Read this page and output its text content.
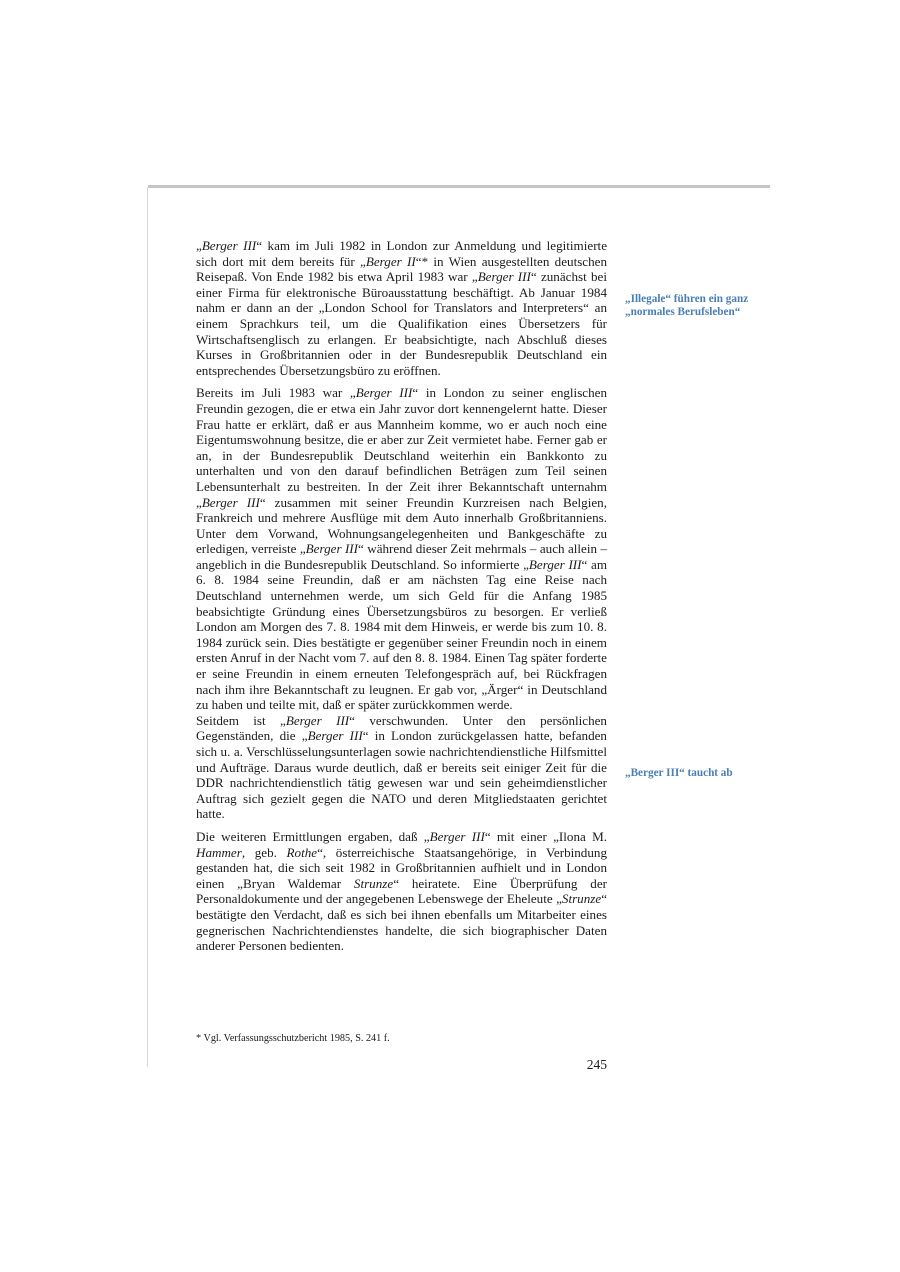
„Berger III“ kam im Juli 1982 in London zur Anmeldung und legitimierte sich dort mit dem bereits für „Berger II“* in Wien ausgestellten deutschen Reisepaß. Von Ende 1982 bis etwa April 1983 war „Berger III“ zunächst bei einer Firma für elektronische Büroausstattung beschäftigt. Ab Januar 1984 nahm er dann an der „London School for Translators and Interpreters“ an einem Sprachkurs teil, um die Qualifikation eines Übersetzers für Wirtschaftsenglisch zu erlangen. Er beabsichtigte, nach Abschluß dieses Kurses in Großbritannien oder in der Bundesrepublik Deutschland ein entsprechendes Übersetzungsbüro zu eröffnen.

Bereits im Juli 1983 war „Berger III“ in London zu seiner englischen Freundin gezogen, die er etwa ein Jahr zuvor dort kennengelernt hatte. Dieser Frau hatte er erklärt, daß er aus Mannheim komme, wo er auch noch eine Eigentumswohnung besitze, die er aber zur Zeit vermietet habe. Ferner gab er an, in der Bundesrepublik Deutschland weiterhin ein Bankkonto zu unterhalten und von den darauf befindlichen Beträgen zum Teil seinen Lebensunterhalt zu bestreiten. In der Zeit ihrer Bekanntschaft unternahm „Berger III“ zusammen mit seiner Freundin Kurzreisen nach Belgien, Frankreich und mehrere Ausflüge mit dem Auto innerhalb Großbritanniens. Unter dem Vorwand, Wohnungsangelegenheiten und Bankgeschäfte zu erledigen, verreiste „Berger III“ während dieser Zeit mehrmals – auch allein – angeblich in die Bundesrepublik Deutschland. So informierte „Berger III“ am 6. 8. 1984 seine Freundin, daß er am nächsten Tag eine Reise nach Deutschland unternehmen werde, um sich Geld für die Anfang 1985 beabsichtigte Gründung eines Übersetzungsbüros zu besorgen. Er verließ London am Morgen des 7. 8. 1984 mit dem Hinweis, er werde bis zum 10. 8. 1984 zurück sein. Dies bestätigte er gegenüber seiner Freundin noch in einem ersten Anruf in der Nacht vom 7. auf den 8. 8. 1984. Einen Tag später forderte er seine Freundin in einem erneuten Telefongespräch auf, bei Rückfragen nach ihm ihre Bekanntschaft zu leugnen. Er gab vor, „Ärger“ in Deutschland zu haben und teilte mit, daß er später zurückkommen werde.

Seitdem ist „Berger III“ verschwunden. Unter den persönlichen Gegenständen, die „Berger III“ in London zurückgelassen hatte, befanden sich u. a. Verschlüsselungsunterlagen sowie nachrichtendienstliche Hilfsmittel und Aufträge. Daraus wurde deutlich, daß er bereits seit einiger Zeit für die DDR nachrichtendienstlich tätig gewesen war und sein geheimdienstlicher Auftrag sich gezielt gegen die NATO und deren Mitgliedstaaten gerichtet hatte.

Die weiteren Ermittlungen ergaben, daß „Berger III“ mit einer „Ilona M. Hammer, geb. Rothe“, österreichische Staatsangehörige, in Verbindung gestanden hat, die sich seit 1982 in Großbritannien aufhielt und in London einen „Bryan Waldemar Strunze“ heiratete. Eine Überprüfung der Personaldokumente und der angegebenen Lebenswege der Eheleute „Strunze“ bestätigte den Verdacht, daß es sich bei ihnen ebenfalls um Mitarbeiter eines gegnerischen Nachrichtendienstes handelte, die sich biographischer Daten anderer Personen bedienten.

„Illegale“ führen ein ganz „normales Berufsleben“
„Berger III“ taucht ab
* Vgl. Verfassungsschutzbericht 1985, S. 241 f.
245
